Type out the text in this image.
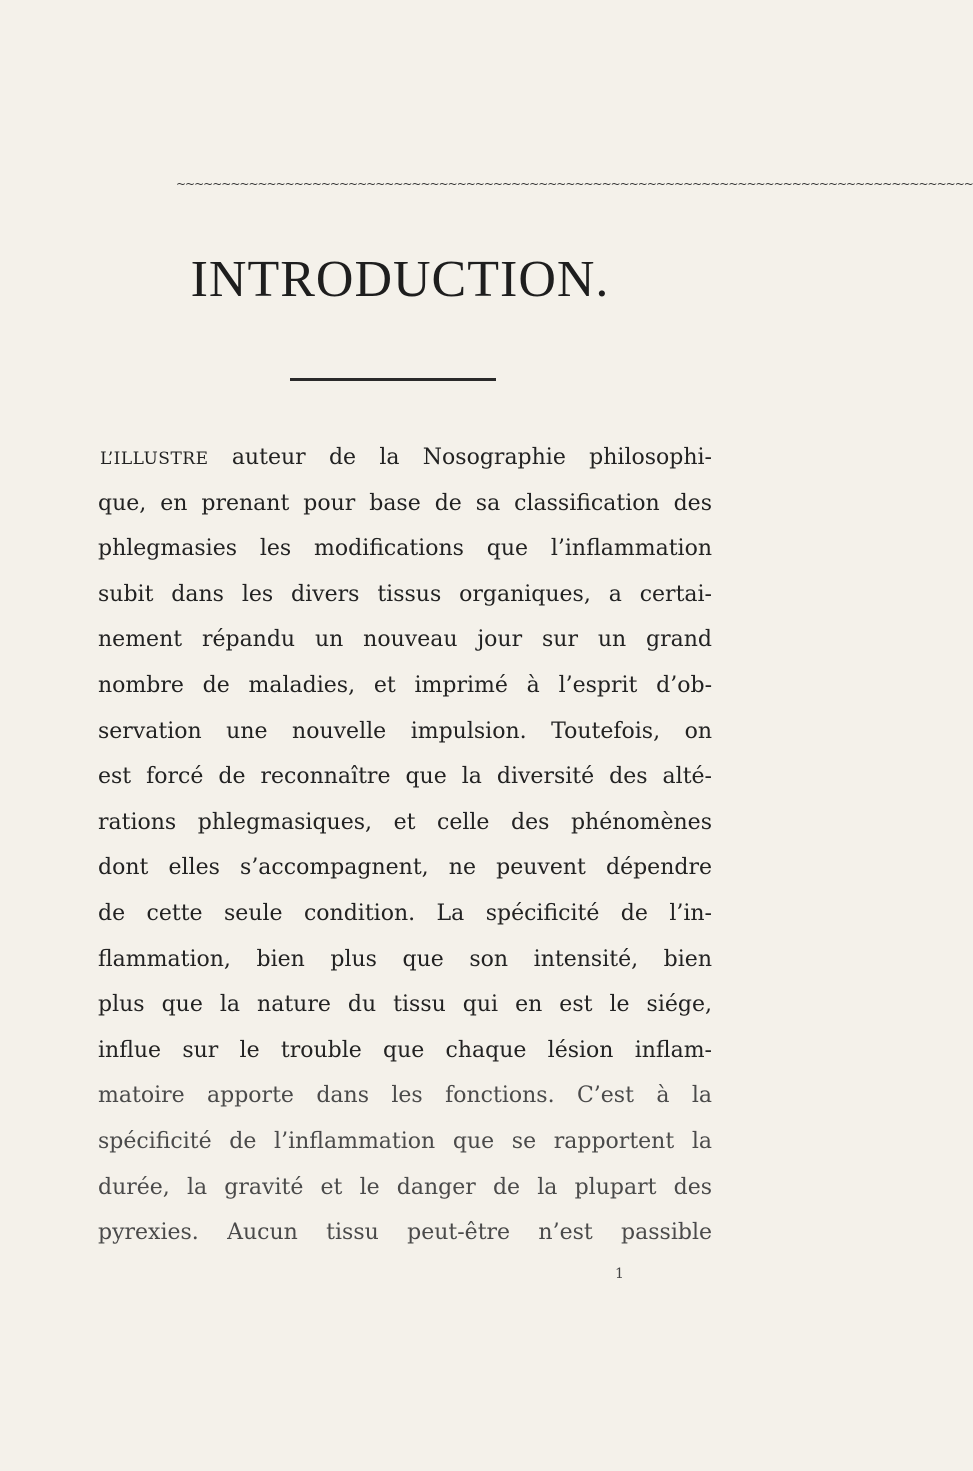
~~~~~~~~~~~~~~~~~~~~~~~~~~~~~~~~~~~~~~~~~~~~~~~~~~~~~~~~~~~~~~~~~~~~~~~~~~~~~~~~~~~~~~~~
INTRODUCTION.
L’ILLUSTRE auteur de la Nosographie philosophi-
que, en prenant pour base de sa classification des
phlegmasies les modifications que l’inflammation
subit dans les divers tissus organiques, a certai-
nement répandu un nouveau jour sur un grand
nombre de maladies, et imprimé à l’esprit d’ob-
servation une nouvelle impulsion. Toutefois, on
est forcé de reconnaître que la diversité des alté-
rations phlegmasiques, et celle des phénomènes
dont elles s’accompagnent, ne peuvent dépendre
de cette seule condition. La spécificité de l’in-
flammation, bien plus que son intensité, bien
plus que la nature du tissu qui en est le siége,
influe sur le trouble que chaque lésion inflam-
matoire apporte dans les fonctions. C’est à la
spécificité de l’inflammation que se rapportent la
durée, la gravité et le danger de la plupart des
pyrexies. Aucun tissu peut-être n’est passible
1
